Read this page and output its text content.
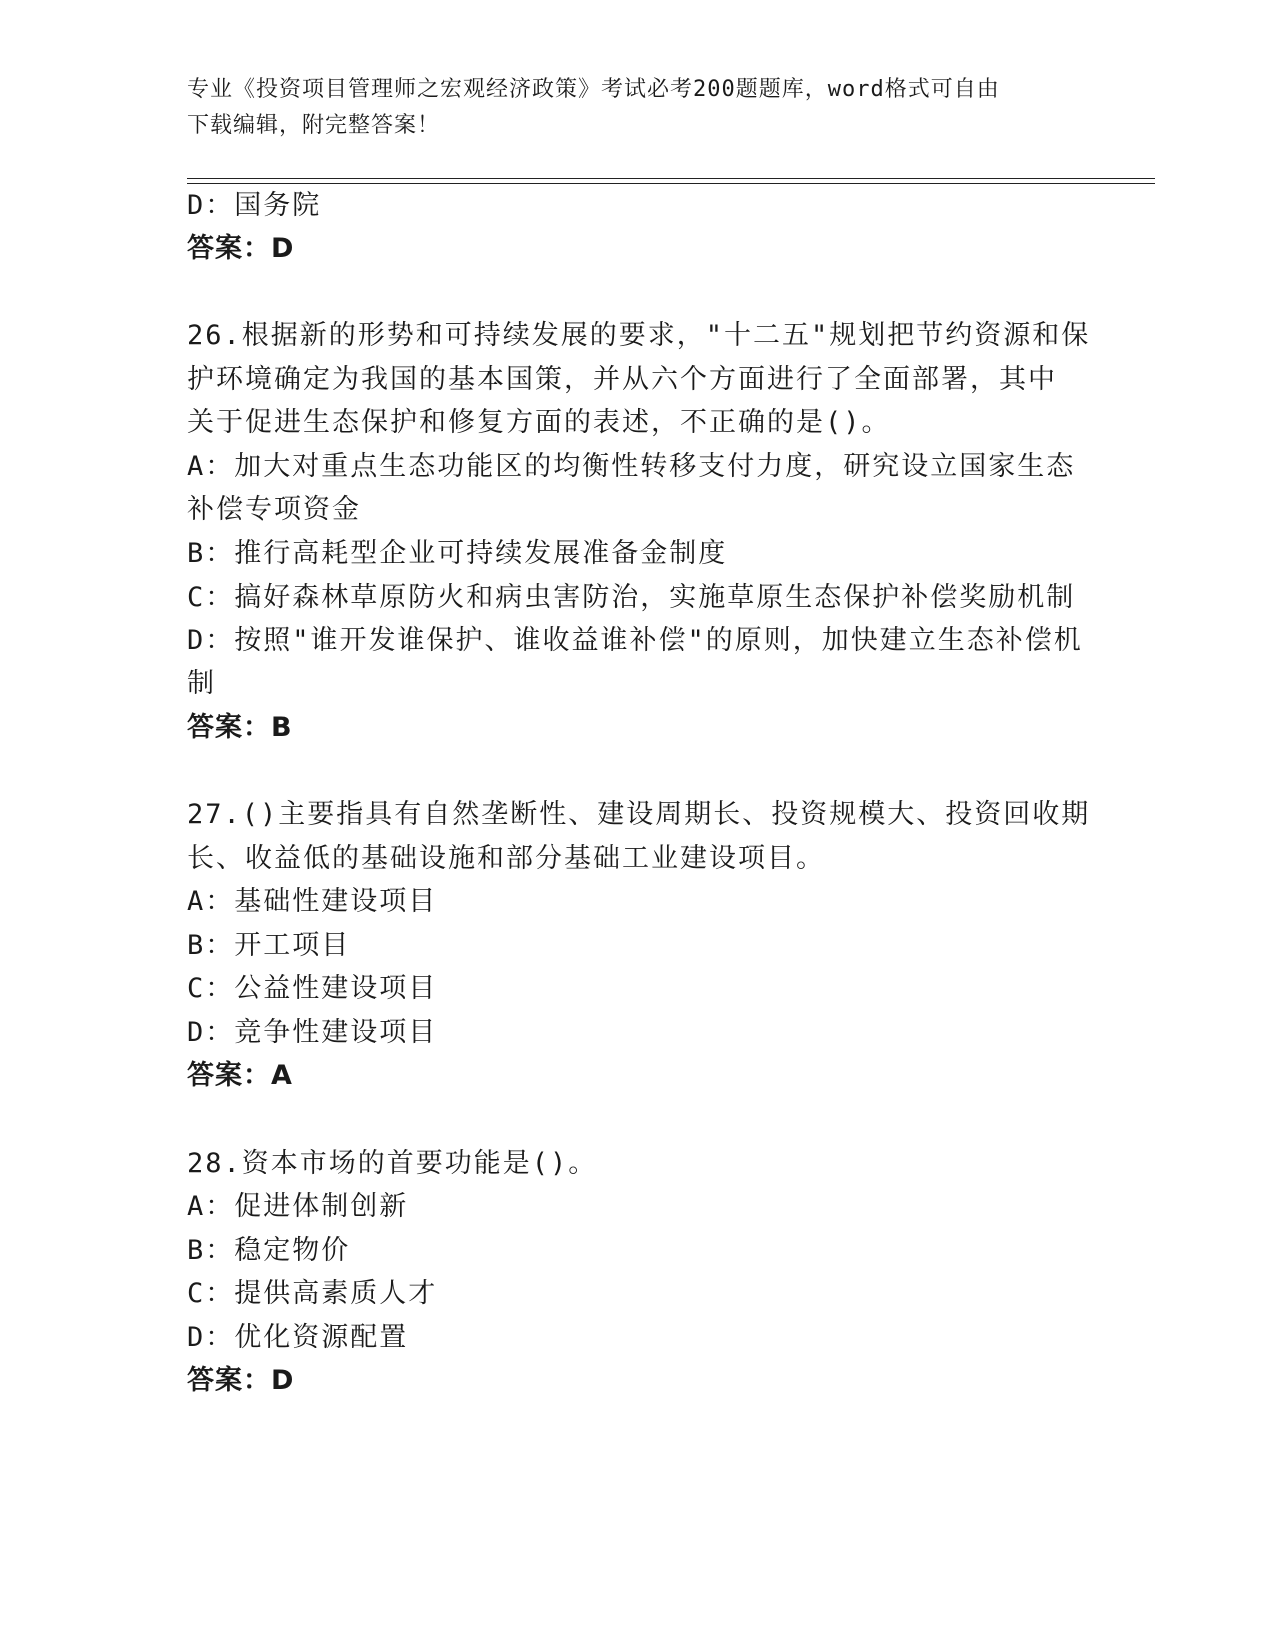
专业《投资项目管理师之宏观经济政策》考试必考200题题库，word格式可自由
下载编辑，附完整答案！
D：国务院
答案：D
26.根据新的形势和可持续发展的要求，"十二五"规划把节约资源和保
护环境确定为我国的基本国策，并从六个方面进行了全面部署，其中
关于促进生态保护和修复方面的表述，不正确的是()。
A：加大对重点生态功能区的均衡性转移支付力度，研究设立国家生态
补偿专项资金
B：推行高耗型企业可持续发展准备金制度
C：搞好森林草原防火和病虫害防治，实施草原生态保护补偿奖励机制
D：按照"谁开发谁保护、谁收益谁补偿"的原则，加快建立生态补偿机
制
答案：B
27.()主要指具有自然垄断性、建设周期长、投资规模大、投资回收期
长、收益低的基础设施和部分基础工业建设项目。
A：基础性建设项目
B：开工项目
C：公益性建设项目
D：竞争性建设项目
答案：A
28.资本市场的首要功能是()。
A：促进体制创新
B：稳定物价
C：提供高素质人才
D：优化资源配置
答案：D
